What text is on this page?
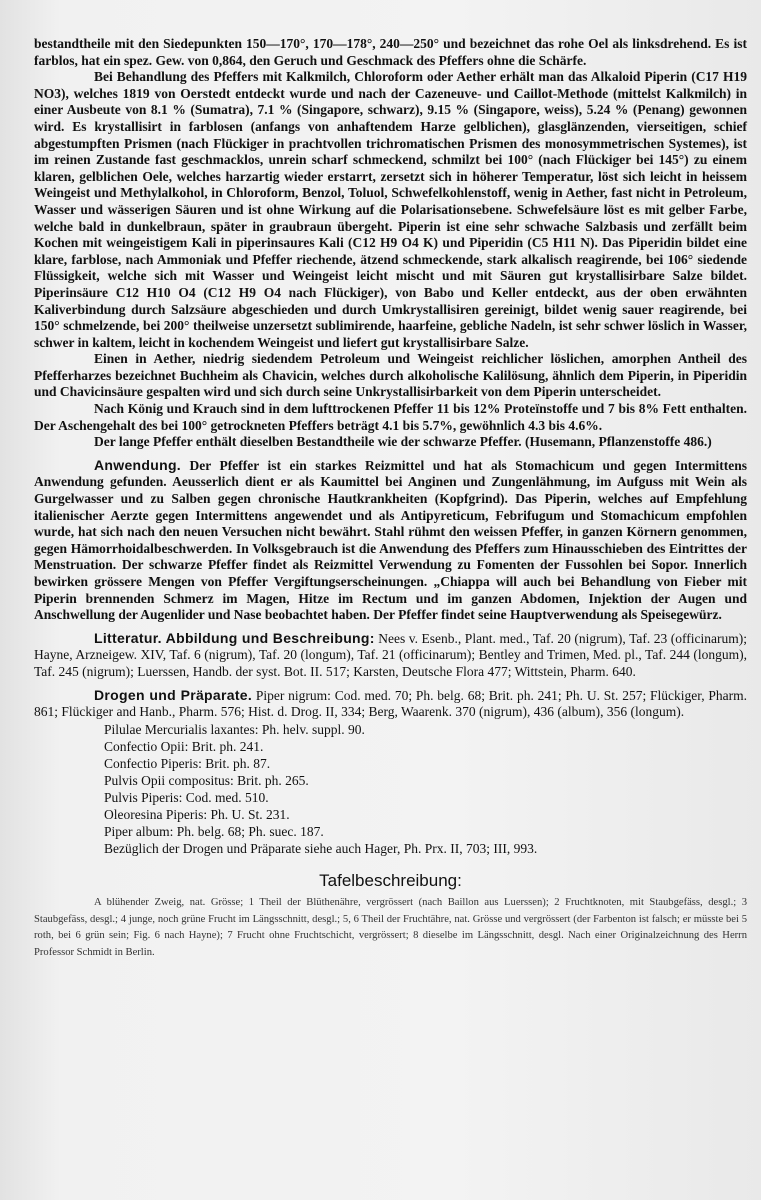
bestandtheile mit den Siedepunkten 150—170°, 170—178°, 240—250° und bezeichnet das rohe Oel als linksdrehend. Es ist farblos, hat ein spez. Gew. von 0,864, den Geruch und Geschmack des Pfeffers ohne die Schärfe.

Bei Behandlung des Pfeffers mit Kalkmilch, Chloroform oder Aether erhält man das Alkaloid Piperin (C17 H19 NO3), welches 1819 von Oerstedt entdeckt wurde und nach der Cazeneuve- und Caillot-Methode (mittelst Kalkmilch) in einer Ausbeute von 8.1 % (Sumatra), 7.1 % (Singapore, schwarz), 9.15 % (Singapore, weiss), 5.24 % (Penang) gewonnen wird. Es krystallisirt in farblosen (anfangs von anhaftendem Harze gelblichen), glasglänzenden, vierseitigen, schief abgestumpften Prismen (nach Flückiger in prachtvollen trichromatischen Prismen des monosymmetrischen Systemes), ist im reinen Zustande fast geschmacklos, unrein scharf schmeckend, schmilzt bei 100° (nach Flückiger bei 145°) zu einem klaren, gelblichen Oele, welches harzartig wieder erstarrt, zersetzt sich in höherer Temperatur, löst sich leicht in heissem Weingeist und Methylalkohol, in Chloroform, Benzol, Toluol, Schwefelkohlenstoff, wenig in Aether, fast nicht in Petroleum, Wasser und wässerigen Säuren und ist ohne Wirkung auf die Polarisationsebene. Schwefelsäure löst es mit gelber Farbe, welche bald in dunkelbraun, später in graubraun übergeht. Piperin ist eine sehr schwache Salzbasis und zerfällt beim Kochen mit weingeistigem Kali in piperinsaures Kali (C12 H9 O4 K) und Piperidin (C5 H11 N). Das Piperidin bildet eine klare, farblose, nach Ammoniak und Pfeffer riechende, ätzend schmeckende, stark alkalisch reagirende, bei 106° siedende Flüssigkeit, welche sich mit Wasser und Weingeist leicht mischt und mit Säuren gut krystallisirbare Salze bildet. Piperinsäure C12 H10 O4 (C12 H9 O4 nach Flückiger), von Babo und Keller entdeckt, aus der oben erwähnten Kaliverbindung durch Salzsäure abgeschieden und durch Umkrystallisiren gereinigt, bildet wenig sauer reagirende, bei 150° schmelzende, bei 200° theilweise unzersetzt sublimirende, haarfeine, gebliche Nadeln, ist sehr schwer löslich in Wasser, schwer in kaltem, leicht in kochendem Weingeist und liefert gut krystallisirbare Salze.

Einen in Aether, niedrig siedendem Petroleum und Weingeist reichlicher löslichen, amorphen Antheil des Pfefferharzes bezeichnet Buchheim als Chavicin, welches durch alkoholische Kalilösung, ähnlich dem Piperin, in Piperidin und Chavicinsäure gespalten wird und sich durch seine Unkrystallisirbarkeit von dem Piperin unterscheidet.

Nach König und Krauch sind in dem lufttrockenen Pfeffer 11 bis 12% Proteïnstoffe und 7 bis 8% Fett enthalten. Der Aschengehalt des bei 100° getrockneten Pfeffers beträgt 4.1 bis 5.7%, gewöhnlich 4.3 bis 4.6%.

Der lange Pfeffer enthält dieselben Bestandtheile wie der schwarze Pfeffer. (Husemann, Pflanzenstoffe 486.)

Anwendung. Der Pfeffer ist ein starkes Reizmittel und hat als Stomachicum und gegen Intermittens Anwendung gefunden. Aeusserlich dient er als Kaumittel bei Anginen und Zungenlähmung, im Aufguss mit Wein als Gurgelwasser und zu Salben gegen chronische Hautkrankheiten (Kopfgrind). Das Piperin, welches auf Empfehlung italienischer Aerzte gegen Intermittens angewendet und als Antipyreticum, Febrifugum und Stomachicum empfohlen wurde, hat sich nach den neuen Versuchen nicht bewährt. Stahl rühmt den weissen Pfeffer, in ganzen Körnern genommen, gegen Hämorrhoidalbeschwerden. In Volksgebrauch ist die Anwendung des Pfeffers zum Hinausschieben des Eintrittes der Menstruation. Der schwarze Pfeffer findet als Reizmittel Verwendung zu Fomenten der Fussohlen bei Sopor. Innerlich bewirken grössere Mengen von Pfeffer Vergiftungserscheinungen. „Chiappa will auch bei Behandlung von Fieber mit Piperin brennenden Schmerz im Magen, Hitze im Rectum und im ganzen Abdomen, Injektion der Augen und Anschwellung der Augenlider und Nase beobachtet haben. Der Pfeffer findet seine Hauptverwendung als Speisegewürz.

Litteratur. Abbildung und Beschreibung: Nees v. Esenb., Plant. med., Taf. 20 (nigrum), Taf. 23 (officinarum); Hayne, Arzneigew. XIV, Taf. 6 (nigrum), Taf. 20 (longum), Taf. 21 (officinarum); Bentley and Trimen, Med. pl., Taf. 244 (longum), Taf. 245 (nigrum); Luerssen, Handb. der syst. Bot. II. 517; Karsten, Deutsche Flora 477; Wittstein, Pharm. 640.

Drogen und Präparate. Piper nigrum: Cod. med. 70; Ph. belg. 68; Brit. ph. 241; Ph. U. St. 257; Flückiger, Pharm. 861; Flückiger and Hanb., Pharm. 576; Hist. d. Drog. II, 334; Berg, Waarenk. 370 (nigrum), 436 (album), 356 (longum).

Pilulae Mercurialis laxantes: Ph. helv. suppl. 90.
Confectio Opii: Brit. ph. 241.
Confectio Piperis: Brit. ph. 87.
Pulvis Opii compositus: Brit. ph. 265.
Pulvis Piperis: Cod. med. 510.
Oleoresina Piperis: Ph. U. St. 231.
Piper album: Ph. belg. 68; Ph. suec. 187.
Bezüglich der Drogen und Präparate siehe auch Hager, Ph. Prx. II, 703; III, 993.
Tafelbeschreibung:

A blühender Zweig, nat. Grösse; 1 Theil der Blüthenähre, vergrössert (nach Baillon aus Luerssen); 2 Fruchtknoten, mit Staubgefäss, desgl.; 3 Staubgefäss, desgl.; 4 junge, noch grüne Frucht im Längsschnitt, desgl.; 5, 6 Theil der Fruchtähre, nat. Grösse und vergrössert (der Farbenton ist falsch; er müsste bei 5 roth, bei 6 grün sein; Fig. 6 nach Hayne); 7 Frucht ohne Fruchtschicht, vergrössert; 8 dieselbe im Längsschnitt, desgl. Nach einer Originalzeichnung des Herrn Professor Schmidt in Berlin.
